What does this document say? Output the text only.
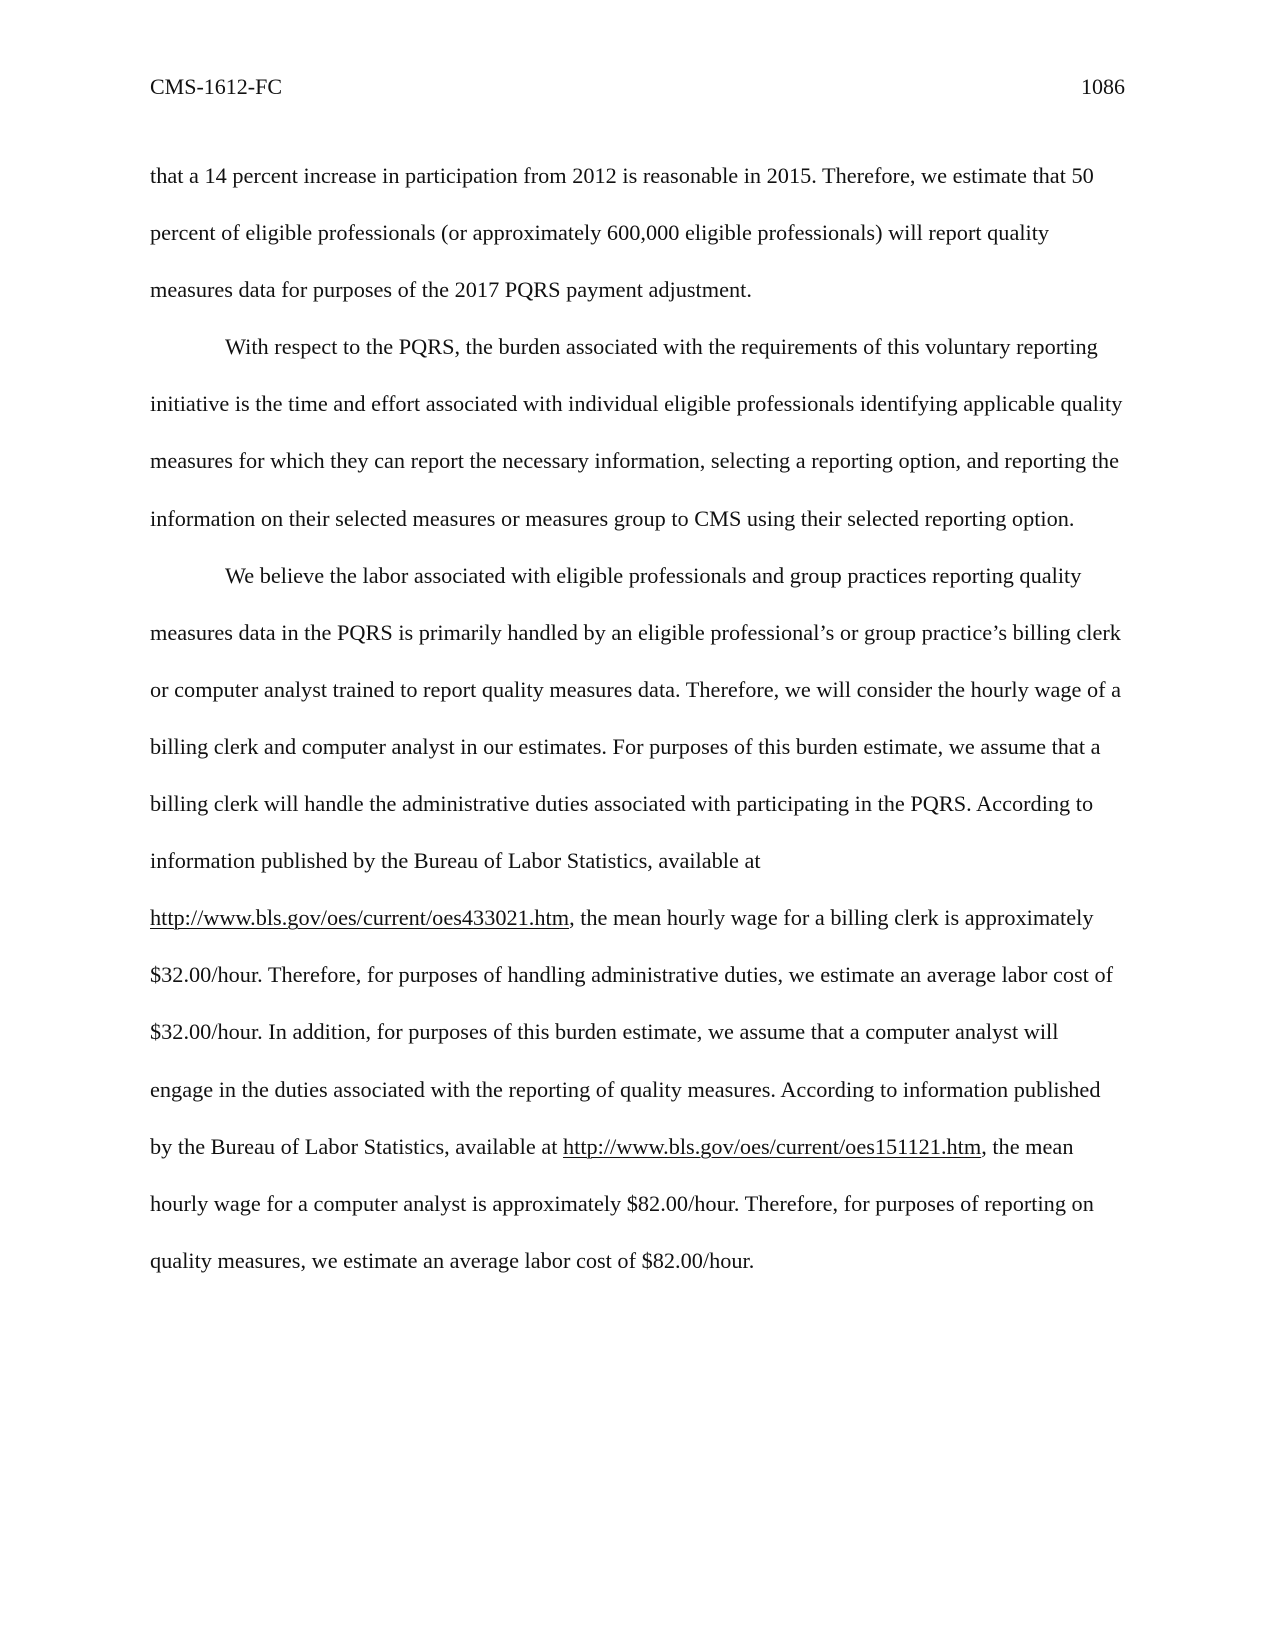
CMS-1612-FC	1086

that a 14 percent increase in participation from 2012 is reasonable in 2015. Therefore, we estimate that 50 percent of eligible professionals (or approximately 600,000 eligible professionals) will report quality measures data for purposes of the 2017 PQRS payment adjustment.

With respect to the PQRS, the burden associated with the requirements of this voluntary reporting initiative is the time and effort associated with individual eligible professionals identifying applicable quality measures for which they can report the necessary information, selecting a reporting option, and reporting the information on their selected measures or measures group to CMS using their selected reporting option.

We believe the labor associated with eligible professionals and group practices reporting quality measures data in the PQRS is primarily handled by an eligible professional’s or group practice’s billing clerk or computer analyst trained to report quality measures data. Therefore, we will consider the hourly wage of a billing clerk and computer analyst in our estimates. For purposes of this burden estimate, we assume that a billing clerk will handle the administrative duties associated with participating in the PQRS. According to information published by the Bureau of Labor Statistics, available at http://www.bls.gov/oes/current/oes433021.htm, the mean hourly wage for a billing clerk is approximately $32.00/hour. Therefore, for purposes of handling administrative duties, we estimate an average labor cost of $32.00/hour. In addition, for purposes of this burden estimate, we assume that a computer analyst will engage in the duties associated with the reporting of quality measures. According to information published by the Bureau of Labor Statistics, available at http://www.bls.gov/oes/current/oes151121.htm, the mean hourly wage for a computer analyst is approximately $82.00/hour. Therefore, for purposes of reporting on quality measures, we estimate an average labor cost of $82.00/hour.
